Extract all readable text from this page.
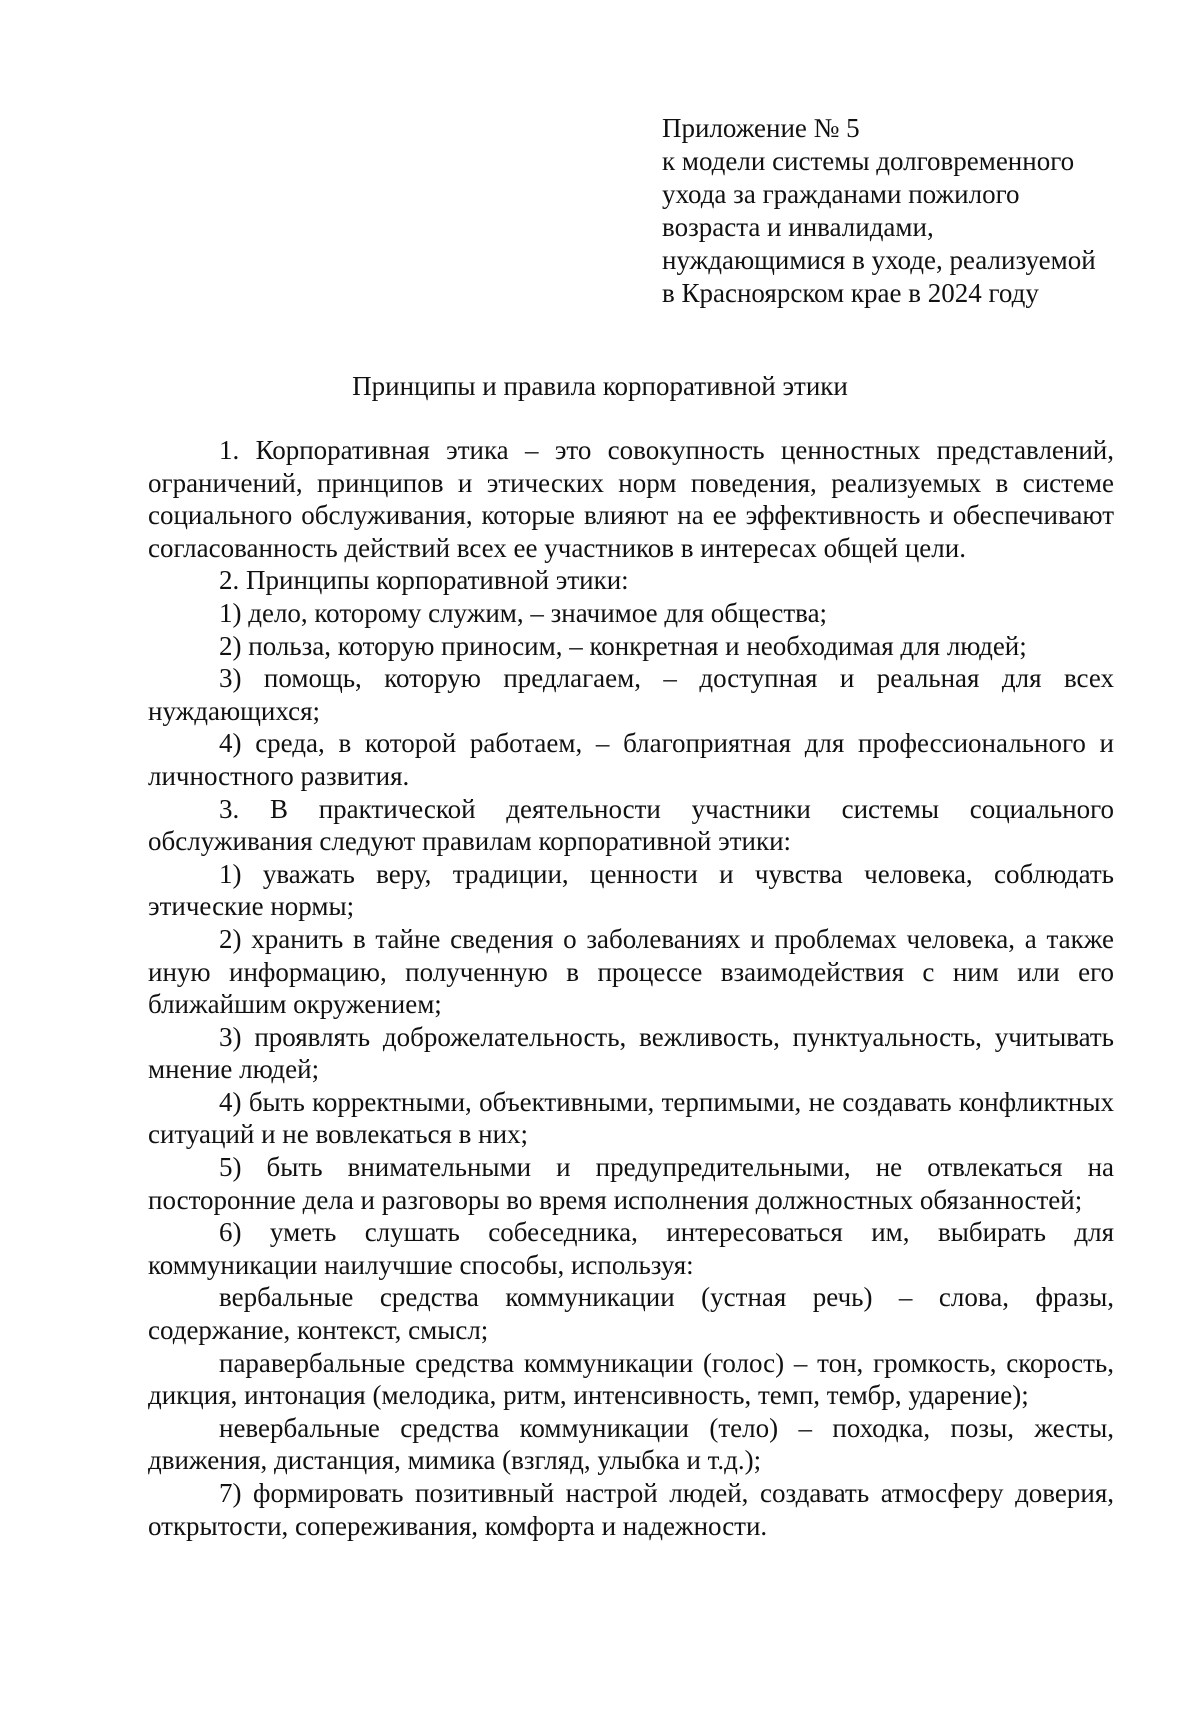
Приложение № 5
к модели системы долговременного
ухода за гражданами пожилого
возраста и инвалидами,
нуждающимися в уходе, реализуемой
в Красноярском крае в 2024 году
Принципы и правила корпоративной этики

1. Корпоративная этика – это совокупность ценностных представлений, ограничений, принципов и этических норм поведения, реализуемых в системе социального обслуживания, которые влияют на ее эффективность и обеспечивают согласованность действий всех ее участников в интересах общей цели.

2. Принципы корпоративной этики:

1) дело, которому служим, – значимое для общества;

2) польза, которую приносим, – конкретная и необходимая для людей;

3) помощь, которую предлагаем, – доступная и реальная для всех нуждающихся;

4) среда, в которой работаем, – благоприятная для профессионального и личностного развития.

3. В практической деятельности участники системы социального обслуживания следуют правилам корпоративной этики:

1) уважать веру, традиции, ценности и чувства человека, соблюдать этические нормы;

2) хранить в тайне сведения о заболеваниях и проблемах человека, а также иную информацию, полученную в процессе взаимодействия с ним или его ближайшим окружением;

3) проявлять доброжелательность, вежливость, пунктуальность, учитывать мнение людей;

4) быть корректными, объективными, терпимыми, не создавать конфликтных ситуаций и не вовлекаться в них;

5) быть внимательными и предупредительными, не отвлекаться на посторонние дела и разговоры во время исполнения должностных обязанностей;

6) уметь слушать собеседника, интересоваться им, выбирать для коммуникации наилучшие способы, используя:

вербальные средства коммуникации (устная речь) – слова, фразы, содержание, контекст, смысл;

паравербальные средства коммуникации (голос) – тон, громкость, скорость, дикция, интонация (мелодика, ритм, интенсивность, темп, тембр, ударение);

невербальные средства коммуникации (тело) – походка, позы, жесты, движения, дистанция, мимика (взгляд, улыбка и т.д.);

7) формировать позитивный настрой людей, создавать атмосферу доверия, открытости, сопереживания, комфорта и надежности.
